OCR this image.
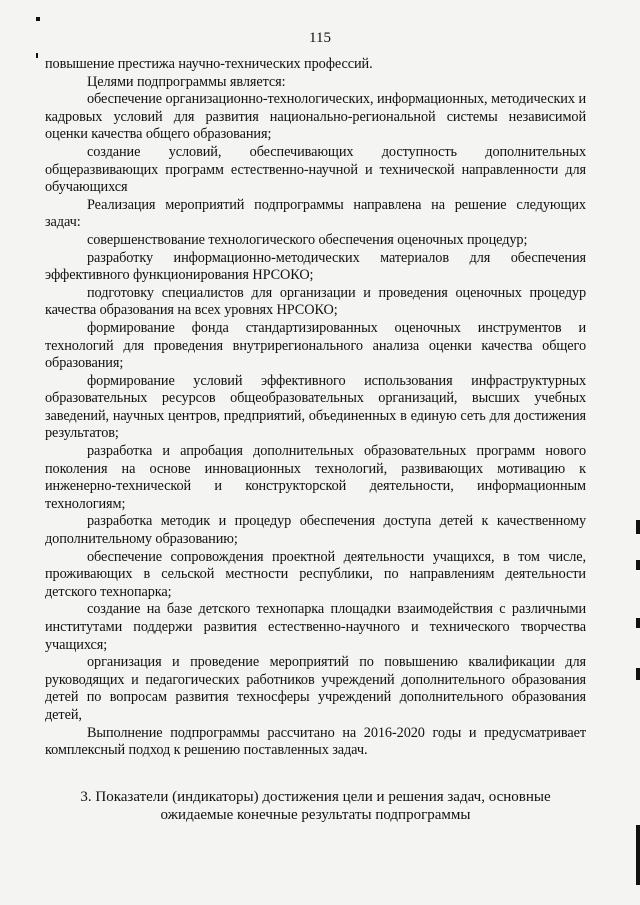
115

повышение престижа научно-технических профессий.

Целями подпрограммы является:

обеспечение организационно-технологических, информационных, методических и кадровых условий для развития национально-региональной системы независимой оценки качества общего образования;

создание условий, обеспечивающих доступность дополнительных общеразвивающих программ естественно-научной и технической направленности для обучающихся

Реализация мероприятий подпрограммы направлена на решение следующих задач:

совершенствование технологического обеспечения оценочных процедур;

разработку информационно-методических материалов для обеспечения эффективного функционирования НРСОКО;

подготовку специалистов для организации и проведения оценочных процедур качества образования на всех уровнях НРСОКО;

формирование фонда стандартизированных оценочных инструментов и технологий для проведения внутрирегионального анализа оценки качества общего образования;

формирование условий эффективного использования инфраструктурных образовательных ресурсов общеобразовательных организаций, высших учебных заведений, научных центров, предприятий, объединенных в единую сеть для достижения результатов;

разработка и апробация дополнительных образовательных программ нового поколения на основе инновационных технологий, развивающих мотивацию к инженерно-технической и конструкторской деятельности, информационным технологиям;

разработка методик и процедур обеспечения доступа детей к качественному дополнительному образованию;

обеспечение сопровождения проектной деятельности учащихся, в том числе, проживающих в сельской местности республики, по направлениям деятельности детского технопарка;

создание на базе детского технопарка площадки взаимодействия с различными институтами поддержи развития естественно-научного и технического творчества учащихся;

организация и проведение мероприятий по повышению квалификации для руководящих и педагогических работников учреждений дополнительного образования детей по вопросам развития техносферы учреждений дополнительного образования детей,

Выполнение подпрограммы рассчитано на 2016-2020 годы и предусматривает комплексный подход к решению поставленных задач.

3. Показатели (индикаторы) достижения цели и решения задач, основные
ожидаемые конечные результаты подпрограммы
